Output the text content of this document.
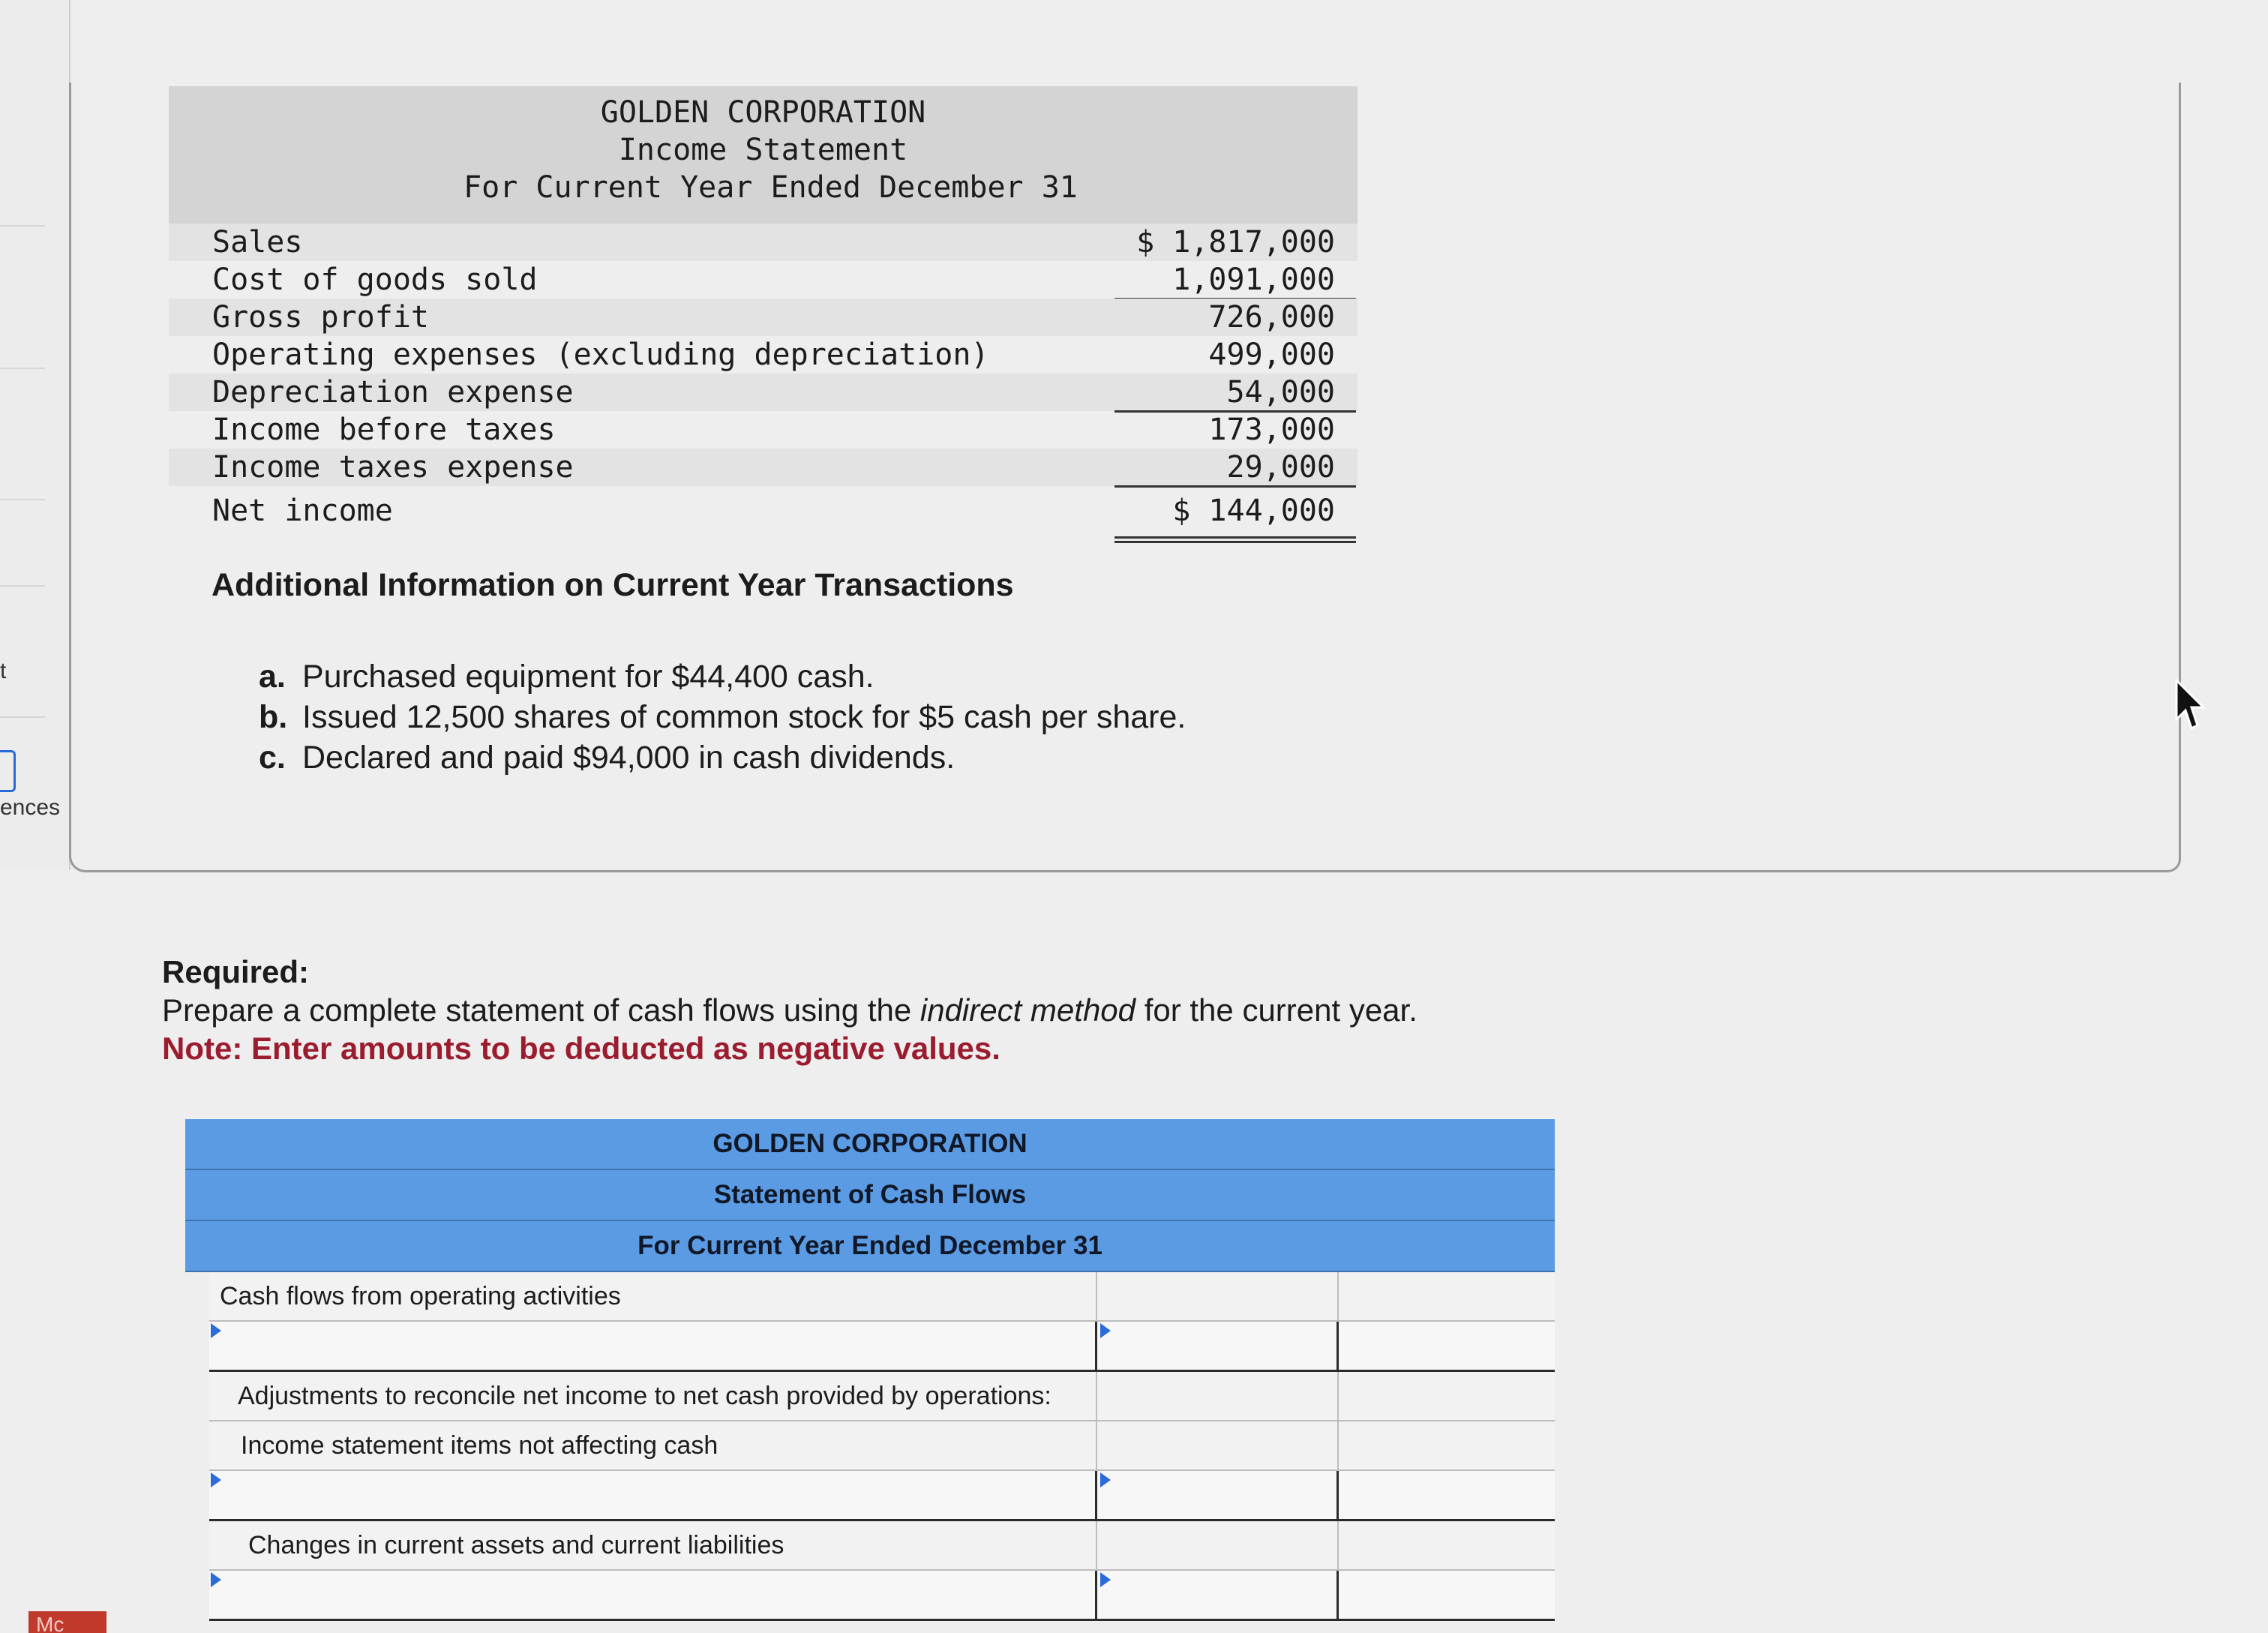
t
ences
Mc
GOLDEN CORPORATION
Income Statement
For Current Year Ended December 31
Sales	$ 1,817,000
Cost of goods sold	1,091,000
Gross profit	726,000
Operating expenses (excluding depreciation)	499,000
Depreciation expense	54,000
Income before taxes	173,000
Income taxes expense	29,000
Net income	$ 144,000
Additional Information on Current Year Transactions
a. Purchased equipment for $44,400 cash.
b. Issued 12,500 shares of common stock for $5 cash per share.
c. Declared and paid $94,000 in cash dividends.
Required:
Prepare a complete statement of cash flows using the indirect method for the current year.
Note: Enter amounts to be deducted as negative values.
GOLDEN CORPORATION
Statement of Cash Flows
For Current Year Ended December 31
Cash flows from operating activities
Adjustments to reconcile net income to net cash provided by operations:
Income statement items not affecting cash
Changes in current assets and current liabilities
